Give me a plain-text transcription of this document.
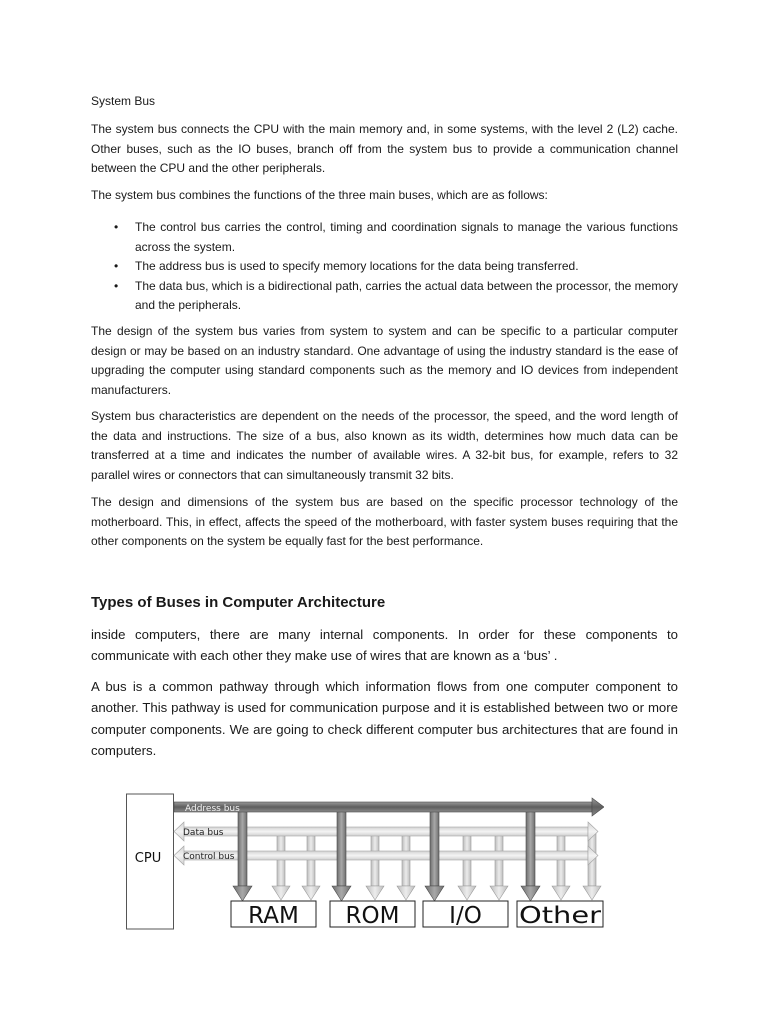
System Bus

The system bus connects the CPU with the main memory and, in some systems, with the level 2 (L2) cache. Other buses, such as the IO buses, branch off from the system bus to provide a communication channel between the CPU and the other peripherals.

The system bus combines the functions of the three main buses, which are as follows:

• The control bus carries the control, timing and coordination signals to manage the various functions across the system.
• The address bus is used to specify memory locations for the data being transferred.
• The data bus, which is a bidirectional path, carries the actual data between the processor, the memory and the peripherals.

The design of the system bus varies from system to system and can be specific to a particular computer design or may be based on an industry standard. One advantage of using the industry standard is the ease of upgrading the computer using standard components such as the memory and IO devices from independent manufacturers.

System bus characteristics are dependent on the needs of the processor, the speed, and the word length of the data and instructions. The size of a bus, also known as its width, determines how much data can be transferred at a time and indicates the number of available wires. A 32-bit bus, for example, refers to 32 parallel wires or connectors that can simultaneously transmit 32 bits.

The design and dimensions of the system bus are based on the specific processor technology of the motherboard. This, in effect, affects the speed of the motherboard, with faster system buses requiring that the other components on the system be equally fast for the best performance.

Types of Buses in Computer Architecture

inside computers, there are many internal components. In order for these components to communicate with each other they make use of wires that are known as a ‘bus’ .

A bus is a common pathway through which information flows from one computer component to another. This pathway is used for communication purpose and it is established between two or more computer components. We are going to check different computer bus architectures that are found in computers.

CPU
Data bus
Control bus
Address bus
RAM ROM I/O Other
